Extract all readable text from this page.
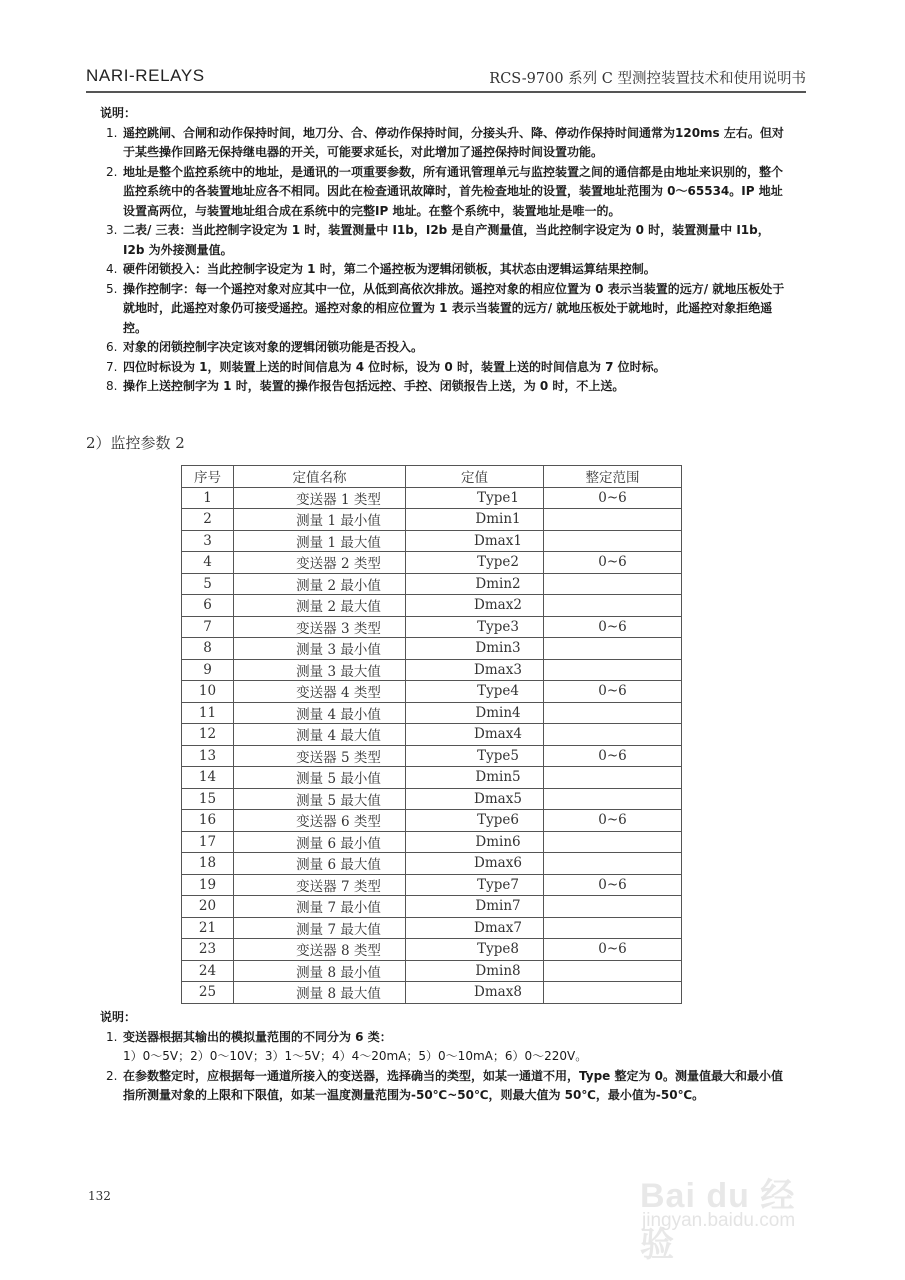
NARI-RELAYS	RCS-9700 系列 C 型测控装置技术和使用说明书
说明：
1. 遥控跳闸、合闸和动作保持时间，地刀分、合、停动作保持时间，分接头升、降、停动作保持时间通常为120ms 左右。但对于某些操作回路无保持继电器的开关，可能要求延长，对此增加了遥控保持时间设置功能。
2. 地址是整个监控系统中的地址，是通讯的一项重要参数，所有通讯管理单元与监控装置之间的通信都是由地址来识别的，整个监控系统中的各装置地址应各不相同。因此在检查通讯故障时，首先检查地址的设置，装置地址范围为 0～65534。IP 地址设置高两位，与装置地址组合成在系统中的完整IP 地址。在整个系统中，装置地址是唯一的。
3. 二表/ 三表：当此控制字设定为 1 时，装置测量中 I1b，I2b 是自产测量值，当此控制字设定为 0 时，装置测量中 I1b，I2b 为外接测量值。
4. 硬件闭锁投入：当此控制字设定为 1 时，第二个遥控板为逻辑闭锁板，其状态由逻辑运算结果控制。
5. 操作控制字：每一个遥控对象对应其中一位，从低到高依次排放。遥控对象的相应位置为 0 表示当装置的远方/ 就地压板处于就地时，此遥控对象仍可接受遥控。遥控对象的相应位置为 1 表示当装置的远方/ 就地压板处于就地时，此遥控对象拒绝遥控。
6. 对象的闭锁控制字决定该对象的逻辑闭锁功能是否投入。
7. 四位时标设为 1，则装置上送的时间信息为 4 位时标，设为 0 时，装置上送的时间信息为 7 位时标。
8. 操作上送控制字为 1 时，装置的操作报告包括远控、手控、闭锁报告上送，为 0 时，不上送。
2）监控参数 2
序号	定值名称	定值	整定范围
1	变送器 1 类型	Type1	0~6
2	测量 1 最小值	Dmin1	
3	测量 1 最大值	Dmax1	
4	变送器 2 类型	Type2	0~6
5	测量 2 最小值	Dmin2	
6	测量 2 最大值	Dmax2	
7	变送器 3 类型	Type3	0~6
8	测量 3 最小值	Dmin3	
9	测量 3 最大值	Dmax3	
10	变送器 4 类型	Type4	0~6
11	测量 4 最小值	Dmin4	
12	测量 4 最大值	Dmax4	
13	变送器 5 类型	Type5	0~6
14	测量 5 最小值	Dmin5	
15	测量 5 最大值	Dmax5	
16	变送器 6 类型	Type6	0~6
17	测量 6 最小值	Dmin6	
18	测量 6 最大值	Dmax6	
19	变送器 7 类型	Type7	0~6
20	测量 7 最小值	Dmin7	
21	测量 7 最大值	Dmax7	
23	变送器 8 类型	Type8	0~6
24	测量 8 最小值	Dmin8	
25	测量 8 最大值	Dmax8	
说明：
1. 变送器根据其输出的模拟量范围的不同分为 6 类：
1）0～5V；2）0～10V；3）1～5V；4）4～20mA；5）0～10mA；6）0～220V。
2. 在参数整定时，应根据每一通道所接入的变送器，选择确当的类型，如某一通道不用，Type 整定为 0。测量值最大和最小值指所测量对象的上限和下限值，如某一温度测量范围为-50℃~50℃，则最大值为 50℃，最小值为-50℃。
132	Bai du 经验
jingyan.baidu.com
